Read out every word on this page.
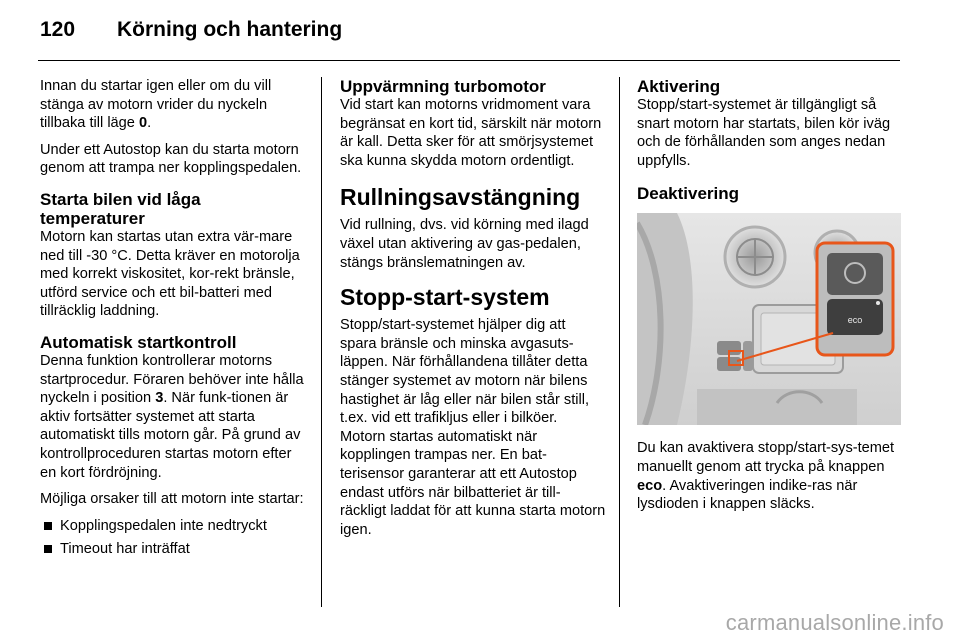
120 Körning och hantering

Innan du startar igen eller om du vill stänga av motorn vrider du nyckeln tillbaka till läge 0.

Under ett Autostop kan du starta motorn genom att trampa ner kopplingspedalen.

Starta bilen vid låga temperaturer

Motorn kan startas utan extra vär-mare ned till -30 °C. Detta kräver en motorolja med korrekt viskositet, kor-rekt bränsle, utförd service och ett bil-batteri med tillräcklig laddning.

Automatisk startkontroll

Denna funktion kontrollerar motorns startprocedur. Föraren behöver inte hålla nyckeln i position 3. När funk-tionen är aktiv fortsätter systemet att starta automatiskt tills motorn går. På grund av kontrollproceduren startas motorn efter en kort fördröjning.

Möjliga orsaker till att motorn inte startar:

Kopplingspedalen inte nedtryckt
Timeout har inträffat
Uppvärmning turbomotor

Vid start kan motorns vridmoment vara begränsat en kort tid, särskilt när motorn är kall. Detta sker för att smörjsystemet ska kunna skydda motorn ordentligt.

Rullningsavstängning

Vid rullning, dvs. vid körning med ilagd växel utan aktivering av gas-pedalen, stängs bränslematningen av.

Stopp-start-system

Stopp/start-systemet hjälper dig att spara bränsle och minska avgasuts-läppen. När förhållandena tillåter detta stänger systemet av motorn när bilens hastighet är låg eller när bilen står still, t.ex. vid ett trafikljus eller i bilköer. Motorn startas automatiskt när kopplingen trampas ner. En bat-terisensor garanterar att ett Autostop endast utförs när bilbatteriet är till-räckligt laddat för att kunna starta motorn igen.

Aktivering

Stopp/start-systemet är tillgängligt så snart motorn har startats, bilen kör iväg och de förhållanden som anges nedan uppfylls.

Deaktivering
eco

Du kan avaktivera stopp/start-sys-temet manuellt genom att trycka på knappen eco. Avaktiveringen indike-ras när lysdioden i knappen släcks.

carmanualsonline.info
